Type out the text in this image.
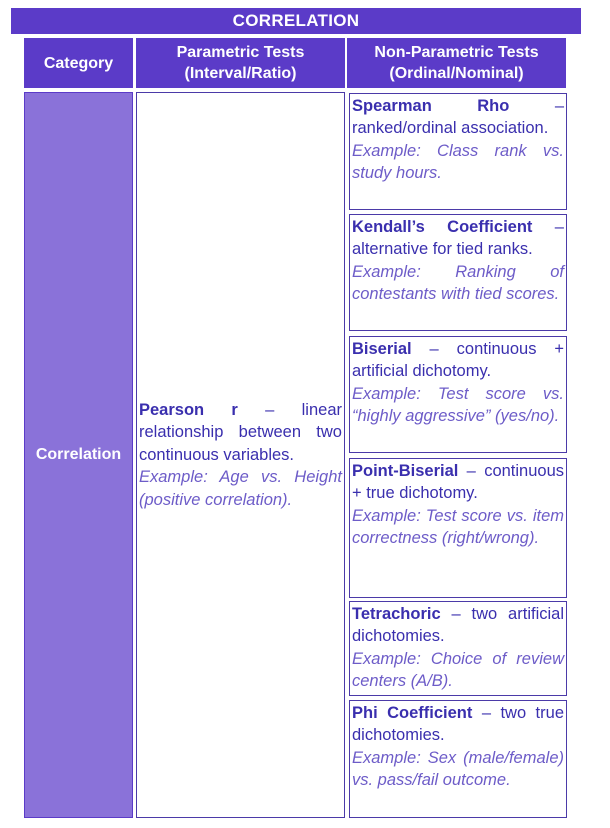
CORRELATION
Category
Parametric Tests
(Interval/Ratio)
Non-Parametric Tests
(Ordinal/Nominal)
Correlation

Pearson r – linear relationship between two continuous variables.

Example: Age vs. Height (positive correlation).

Spearman Rho – ranked/ordinal association.

Example: Class rank vs. study hours.

Kendall’s Coefficient – alternative for tied ranks.

Example: Ranking of contestants with tied scores.

Biserial – continuous + artificial dichotomy.

Example: Test score vs. “highly aggressive” (yes/no).

Point-Biserial – continuous + true dichotomy.

Example: Test score vs. item correctness (right/wrong).

Tetrachoric – two artificial dichotomies.

Example: Choice of review centers (A/B).

Phi Coefficient – two true dichotomies.

Example: Sex (male/female) vs. pass/fail outcome.
